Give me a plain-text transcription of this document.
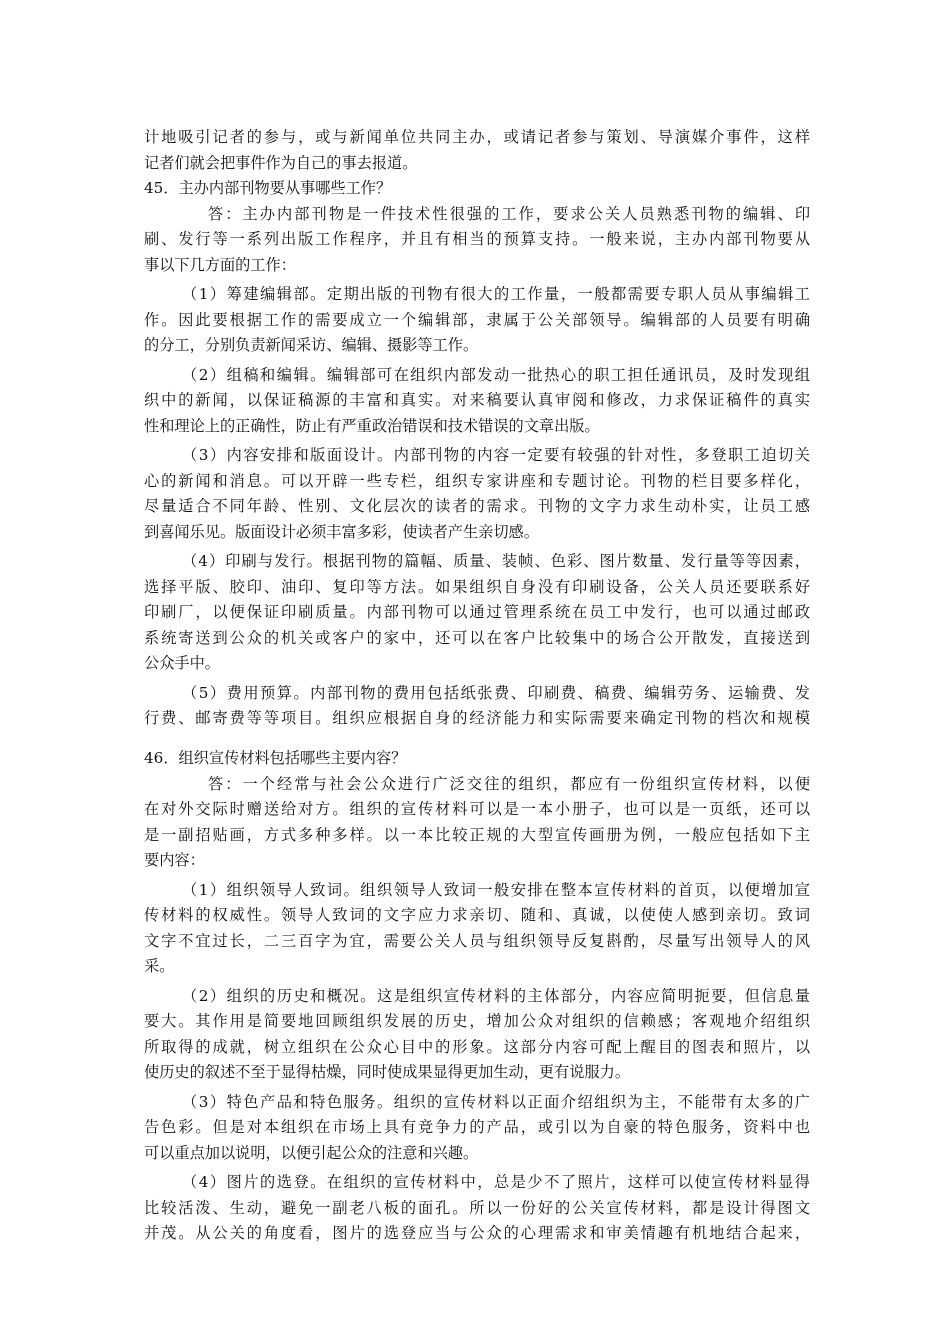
计地吸引记者的参与，或与新闻单位共同主办，或请记者参与策划、导演媒介事件，这样

记者们就会把事件作为自己的事去报道。

45．主办内部刊物要从事哪些工作？

答：主办内部刊物是一件技术性很强的工作，要求公关人员熟悉刊物的编辑、印

刷、发行等一系列出版工作程序，并且有相当的预算支持。一般来说，主办内部刊物要从

事以下几方面的工作：

（1）筹建编辑部。定期出版的刊物有很大的工作量，一般都需要专职人员从事编辑工

作。因此要根据工作的需要成立一个编辑部，隶属于公关部领导。编辑部的人员要有明确

的分工，分别负责新闻采访、编辑、摄影等工作。

（2）组稿和编辑。编辑部可在组织内部发动一批热心的职工担任通讯员，及时发现组

织中的新闻，以保证稿源的丰富和真实。对来稿要认真审阅和修改，力求保证稿件的真实

性和理论上的正确性，防止有严重政治错误和技术错误的文章出版。

（3）内容安排和版面设计。内部刊物的内容一定要有较强的针对性，多登职工迫切关

心的新闻和消息。可以开辟一些专栏，组织专家讲座和专题讨论。刊物的栏目要多样化，

尽量适合不同年龄、性别、文化层次的读者的需求。刊物的文字力求生动朴实，让员工感

到喜闻乐见。版面设计必须丰富多彩，使读者产生亲切感。

（4）印刷与发行。根据刊物的篇幅、质量、装帧、色彩、图片数量、发行量等等因素，

选择平版、胶印、油印、复印等方法。如果组织自身没有印刷设备，公关人员还要联系好

印刷厂，以便保证印刷质量。内部刊物可以通过管理系统在员工中发行，也可以通过邮政

系统寄送到公众的机关或客户的家中，还可以在客户比较集中的场合公开散发，直接送到

公众手中。

（5）费用预算。内部刊物的费用包括纸张费、印刷费、稿费、编辑劳务、运输费、发

行费、邮寄费等等项目。组织应根据自身的经济能力和实际需要来确定刊物的档次和规模

46．组织宣传材料包括哪些主要内容？

答：一个经常与社会公众进行广泛交往的组织，都应有一份组织宣传材料，以便

在对外交际时赠送给对方。组织的宣传材料可以是一本小册子，也可以是一页纸，还可以

是一副招贴画，方式多种多样。以一本比较正规的大型宣传画册为例，一般应包括如下主

要内容：

（1）组织领导人致词。组织领导人致词一般安排在整本宣传材料的首页，以便增加宣

传材料的权威性。领导人致词的文字应力求亲切、随和、真诚，以使使人感到亲切。致词

文字不宜过长，二三百字为宜，需要公关人员与组织领导反复斟酌，尽量写出领导人的风

采。

（2）组织的历史和概况。这是组织宣传材料的主体部分，内容应简明扼要，但信息量

要大。其作用是简要地回顾组织发展的历史，增加公众对组织的信赖感；客观地介绍组织

所取得的成就，树立组织在公众心目中的形象。这部分内容可配上醒目的图表和照片，以

使历史的叙述不至于显得枯燥，同时使成果显得更加生动，更有说服力。

（3）特色产品和特色服务。组织的宣传材料以正面介绍组织为主，不能带有太多的广

告色彩。但是对本组织在市场上具有竞争力的产品，或引以为自豪的特色服务，资料中也

可以重点加以说明，以便引起公众的注意和兴趣。

（4）图片的选登。在组织的宣传材料中，总是少不了照片，这样可以使宣传材料显得

比较活泼、生动，避免一副老八板的面孔。所以一份好的公关宣传材料，都是设计得图文

并茂。从公关的角度看，图片的选登应当与公众的心理需求和审美情趣有机地结合起来，
